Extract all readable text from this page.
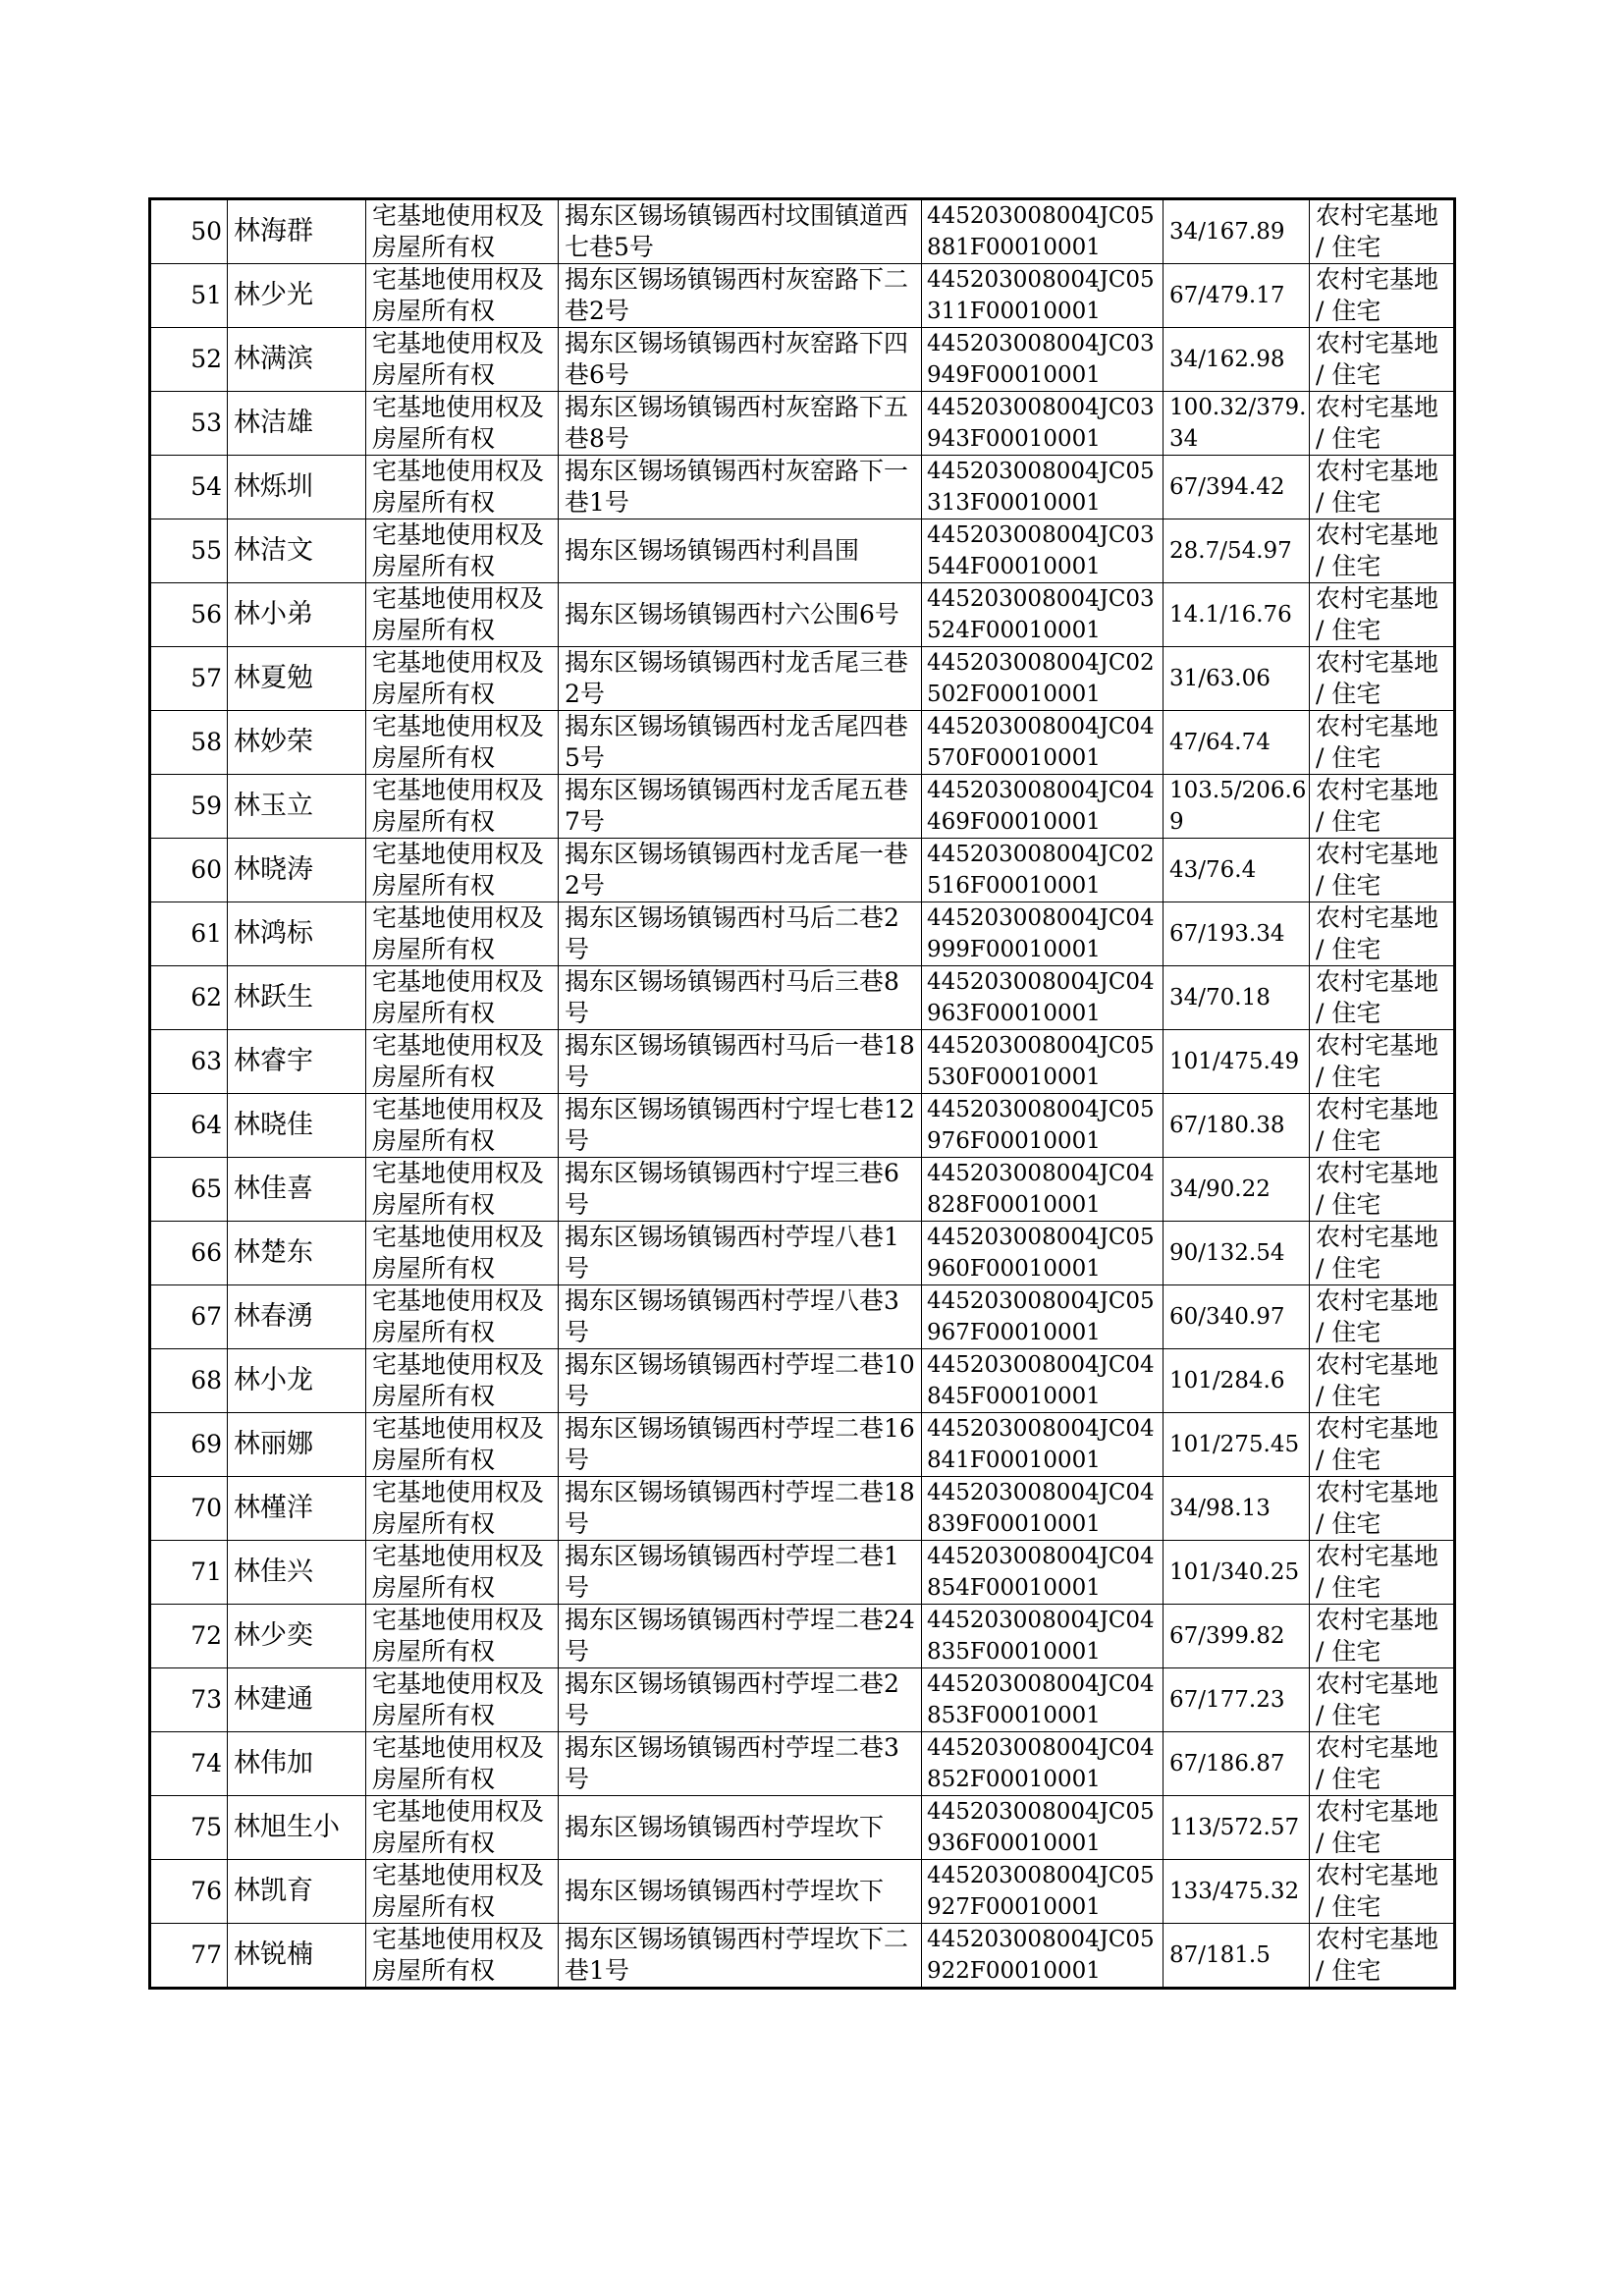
50	林海群	宅基地使用权及房屋所有权	揭东区锡场镇锡西村坟围镇道西七巷5号	445203008004JC05881F00010001	34/167.89	农村宅基地 / 住宅
51	林少光	宅基地使用权及房屋所有权	揭东区锡场镇锡西村灰窑路下二巷2号	445203008004JC05311F00010001	67/479.17	农村宅基地 / 住宅
52	林满滨	宅基地使用权及房屋所有权	揭东区锡场镇锡西村灰窑路下四巷6号	445203008004JC03949F00010001	34/162.98	农村宅基地 / 住宅
53	林洁雄	宅基地使用权及房屋所有权	揭东区锡场镇锡西村灰窑路下五巷8号	445203008004JC03943F00010001	100.32/379.34	农村宅基地 / 住宅
54	林烁圳	宅基地使用权及房屋所有权	揭东区锡场镇锡西村灰窑路下一巷1号	445203008004JC05313F00010001	67/394.42	农村宅基地 / 住宅
55	林洁文	宅基地使用权及房屋所有权	揭东区锡场镇锡西村利昌围	445203008004JC03544F00010001	28.7/54.97	农村宅基地 / 住宅
56	林小弟	宅基地使用权及房屋所有权	揭东区锡场镇锡西村六公围6号	445203008004JC03524F00010001	14.1/16.76	农村宅基地 / 住宅
57	林夏勉	宅基地使用权及房屋所有权	揭东区锡场镇锡西村龙舌尾三巷2号	445203008004JC02502F00010001	31/63.06	农村宅基地 / 住宅
58	林妙荣	宅基地使用权及房屋所有权	揭东区锡场镇锡西村龙舌尾四巷5号	445203008004JC04570F00010001	47/64.74	农村宅基地 / 住宅
59	林玉立	宅基地使用权及房屋所有权	揭东区锡场镇锡西村龙舌尾五巷7号	445203008004JC04469F00010001	103.5/206.69	农村宅基地 / 住宅
60	林晓涛	宅基地使用权及房屋所有权	揭东区锡场镇锡西村龙舌尾一巷2号	445203008004JC02516F00010001	43/76.4	农村宅基地 / 住宅
61	林鸿标	宅基地使用权及房屋所有权	揭东区锡场镇锡西村马后二巷2号	445203008004JC04999F00010001	67/193.34	农村宅基地 / 住宅
62	林跃生	宅基地使用权及房屋所有权	揭东区锡场镇锡西村马后三巷8号	445203008004JC04963F00010001	34/70.18	农村宅基地 / 住宅
63	林睿宇	宅基地使用权及房屋所有权	揭东区锡场镇锡西村马后一巷18号	445203008004JC05530F00010001	101/475.49	农村宅基地 / 住宅
64	林晓佳	宅基地使用权及房屋所有权	揭东区锡场镇锡西村宁埕七巷12号	445203008004JC05976F00010001	67/180.38	农村宅基地 / 住宅
65	林佳喜	宅基地使用权及房屋所有权	揭东区锡场镇锡西村宁埕三巷6号	445203008004JC04828F00010001	34/90.22	农村宅基地 / 住宅
66	林楚东	宅基地使用权及房屋所有权	揭东区锡场镇锡西村苧埕八巷1号	445203008004JC05960F00010001	90/132.54	农村宅基地 / 住宅
67	林春湧	宅基地使用权及房屋所有权	揭东区锡场镇锡西村苧埕八巷3号	445203008004JC05967F00010001	60/340.97	农村宅基地 / 住宅
68	林小龙	宅基地使用权及房屋所有权	揭东区锡场镇锡西村苧埕二巷10号	445203008004JC04845F00010001	101/284.6	农村宅基地 / 住宅
69	林丽娜	宅基地使用权及房屋所有权	揭东区锡场镇锡西村苧埕二巷16号	445203008004JC04841F00010001	101/275.45	农村宅基地 / 住宅
70	林槿洋	宅基地使用权及房屋所有权	揭东区锡场镇锡西村苧埕二巷18号	445203008004JC04839F00010001	34/98.13	农村宅基地 / 住宅
71	林佳兴	宅基地使用权及房屋所有权	揭东区锡场镇锡西村苧埕二巷1号	445203008004JC04854F00010001	101/340.25	农村宅基地 / 住宅
72	林少奕	宅基地使用权及房屋所有权	揭东区锡场镇锡西村苧埕二巷24号	445203008004JC04835F00010001	67/399.82	农村宅基地 / 住宅
73	林建通	宅基地使用权及房屋所有权	揭东区锡场镇锡西村苧埕二巷2号	445203008004JC04853F00010001	67/177.23	农村宅基地 / 住宅
74	林伟加	宅基地使用权及房屋所有权	揭东区锡场镇锡西村苧埕二巷3号	445203008004JC04852F00010001	67/186.87	农村宅基地 / 住宅
75	林旭生小	宅基地使用权及房屋所有权	揭东区锡场镇锡西村苧埕坎下	445203008004JC05936F00010001	113/572.57	农村宅基地 / 住宅
76	林凯育	宅基地使用权及房屋所有权	揭东区锡场镇锡西村苧埕坎下	445203008004JC05927F00010001	133/475.32	农村宅基地 / 住宅
77	林锐楠	宅基地使用权及房屋所有权	揭东区锡场镇锡西村苧埕坎下二巷1号	445203008004JC05922F00010001	87/181.5	农村宅基地 / 住宅
